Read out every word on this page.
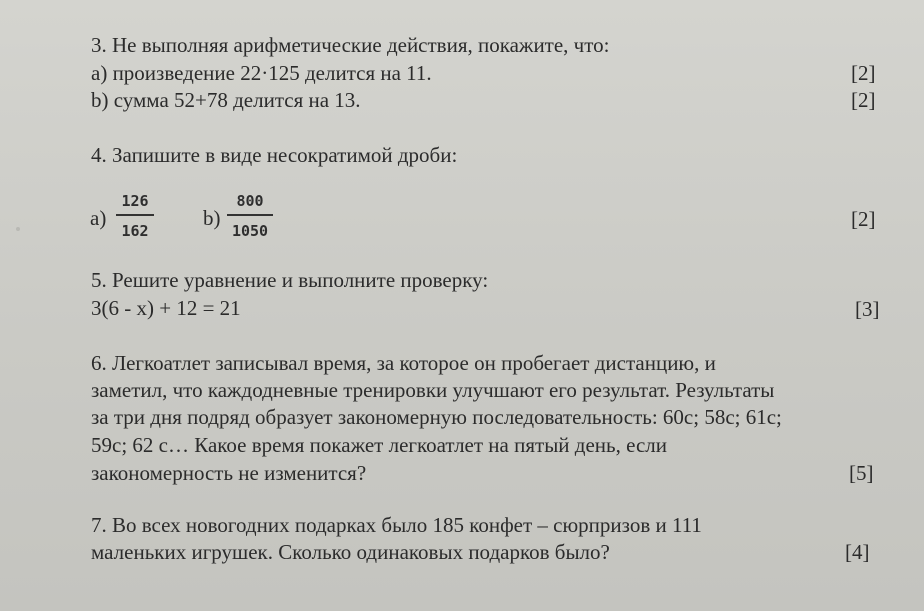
3. Не выполняя арифметические действия, покажите, что:
а) произведение 22·125 делится на 11.	[2]
b) сумма 52+78 делится на 13.	[2]
4. Запишите в виде несократимой дроби:
а)
126
162
b)
800
1050	[2]
5. Решите уравнение и выполните проверку:
3(6 - x) + 12 = 21	[3]
6. Легкоатлет записывал время, за которое он пробегает дистанцию, и
заметил, что каждодневные тренировки улучшают его результат. Результаты
за три дня подряд образует закономерную последовательность: 60с; 58с; 61с;
59с; 62 с… Какое время покажет легкоатлет на пятый день, если
закономерность не изменится?	[5]
7. Во всех новогодних подарках было 185 конфет – сюрпризов и 111
маленьких игрушек. Сколько одинаковых подарков было?	[4]
